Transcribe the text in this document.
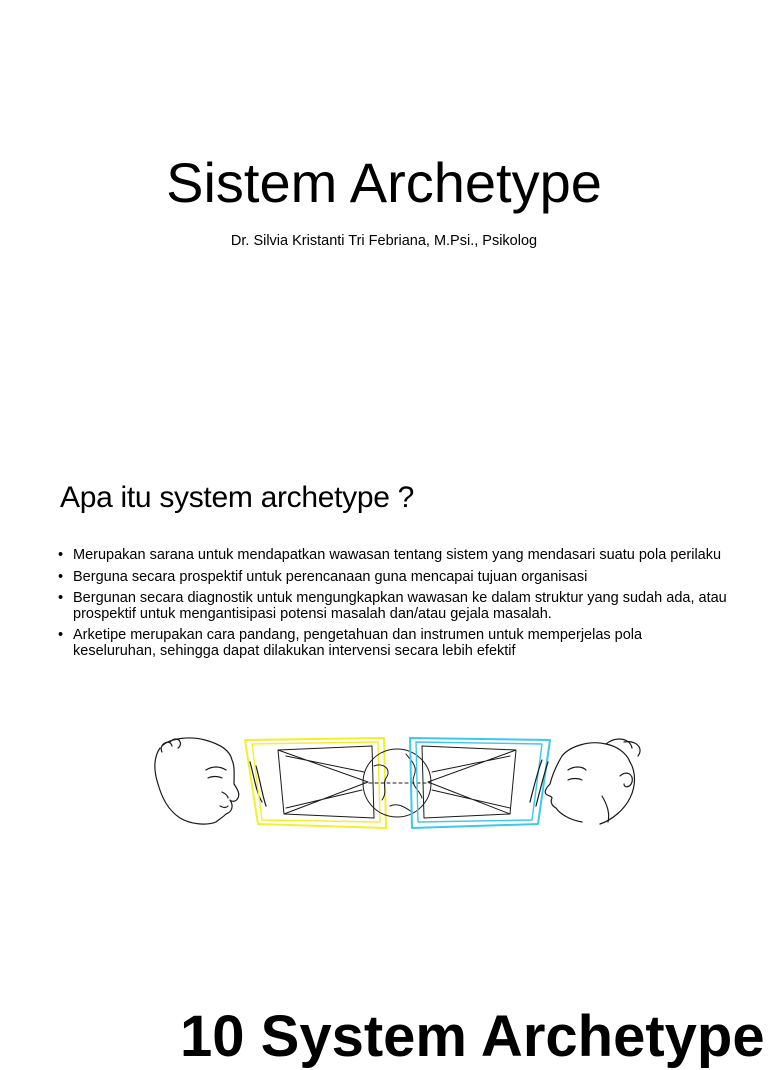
Sistem Archetype
Dr. Silvia Kristanti Tri Febriana, M.Psi., Psikolog
Apa itu system archetype ?
• Merupakan sarana untuk mendapatkan wawasan tentang sistem yang mendasari suatu pola perilaku
• Berguna secara prospektif untuk perencanaan guna mencapai tujuan organisasi
• Bergunan secara diagnostik untuk mengungkapkan wawasan ke dalam struktur yang sudah ada, atau prospektif untuk mengantisipasi potensi masalah dan/atau gejala masalah.
• Arketipe merupakan cara pandang, pengetahuan dan instrumen untuk memperjelas pola keseluruhan, sehingga dapat dilakukan intervensi secara lebih efektif
10 System Archetype
